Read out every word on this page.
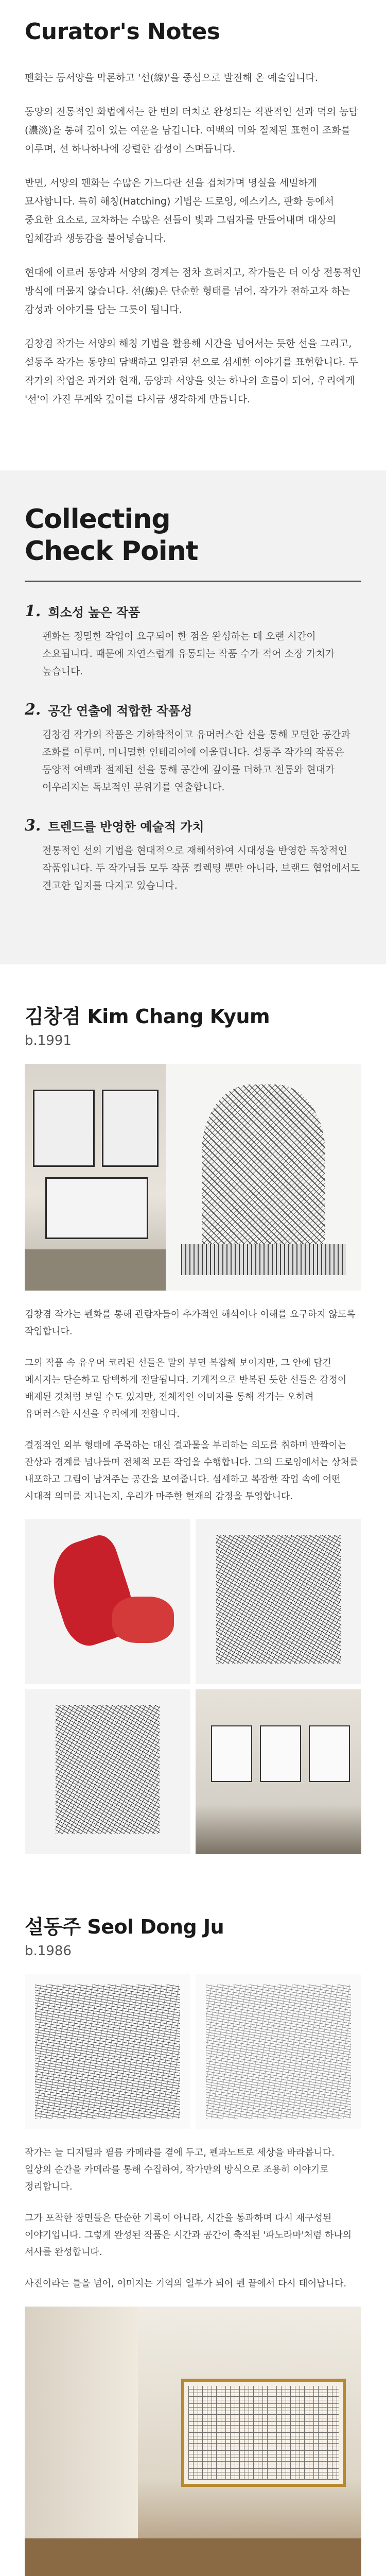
Curator's Notes

펜화는 동서양을 막론하고 '선(線)'을 중심으로 발전해 온 예술입니다.

동양의 전통적인 화법에서는 한 번의 터치로 완성되는 직관적인 선과 먹의 농담(濃淡)을 통해 깊이 있는 여운을 남깁니다. 여백의 미와 절제된 표현이 조화를 이루며, 선 하나하나에 강렬한 감성이 스며듭니다.

반면, 서양의 펜화는 수많은 가느다란 선을 겹쳐가며 명실을 세밀하게 묘사합니다. 특히 해칭(Hatching) 기법은 드로잉, 에스키스, 판화 등에서 중요한 요소로, 교차하는 수많은 선들이 빛과 그림자를 만들어내며 대상의 입체감과 생동감을 불어넣습니다.

현대에 이르러 동양과 서양의 경계는 점차 흐려지고, 작가들은 더 이상 전통적인 방식에 머물지 않습니다. 선(線)은 단순한 형태를 넘어, 작가가 전하고자 하는 감성과 이야기를 담는 그릇이 됩니다.

김창겸 작가는 서양의 해칭 기법을 활용해 시간을 넘어서는 듯한 선을 그리고, 설동주 작가는 동양의 담백하고 일관된 선으로 섬세한 이야기를 표현합니다. 두 작가의 작업은 과거와 현재, 동양과 서양을 잇는 하나의 흐름이 되어, 우리에게 '선'이 가진 무게와 깊이를 다시금 생각하게 만듭니다.

Collecting
Check Point
1. 희소성 높은 작품

펜화는 정밀한 작업이 요구되어 한 점을 완성하는 데 오랜 시간이 소요됩니다. 때문에 자연스럽게 유통되는 작품 수가 적어 소장 가치가 높습니다.

2. 공간 연출에 적합한 작품성

김창겸 작가의 작품은 기하학적이고 유머러스한 선을 통해 모던한 공간과 조화를 이루며, 미니멀한 인테리어에 어울립니다. 설동주 작가의 작품은 동양적 여백과 절제된 선을 통해 공간에 깊이를 더하고 전통와 현대가 어우러지는 독보적인 분위기를 연출합니다.

3. 트렌드를 반영한 예술적 가치

전통적인 선의 기법을 현대적으로 재해석하여 시대성을 반영한 독창적인 작품입니다. 두 작가님들 모두 작품 컬렉팅 뿐만 아니라, 브랜드 협업에서도 견고한 입지를 다지고 있습니다.

김창겸 Kim Chang Kyum
b.1991

김창겸 작가는 펜화를 통해 관람자들이 추가적인 해석이나 이해를 요구하지 않도록 작업합니다.

그의 작품 속 유우머 코리된 선들은 말의 부면 복잡해 보이지만, 그 안에 담긴 메시지는 단순하고 담백하게 전달됩니다. 기계적으로 반복된 듯한 선들은 감정이 배제된 것처럼 보일 수도 있지만, 전체적인 이미지를 통해 작가는 오히려 유머러스한 시선을 우리에게 전합니다.

결정적인 외부 형태에 주목하는 대신 결과물을 부리하는 의도를 취하며 반짝이는 잔상과 경계를 넘나들며 전체적 모든 작업을 수행합니다. 그의 드로잉에서는 상처를 내포하고 그림이 남겨주는 공간을 보여줍니다. 섬세하고 복잡한 작업 속에 어떤 시대적 의미를 지니는지, 우리가 마주한 현재의 감정을 투영합니다.

설동주 Seol Dong Ju
b.1986

작가는 늘 디지털과 필름 카메라를 곁에 두고, 펜과노트로 세상을 바라봅니다. 일상의 순간을 카메라를 통해 수집하여, 작가만의 방식으로 조용히 이야기로 정리합니다.

그가 포착한 장면들은 단순한 기록이 아니라, 시간을 통과하며 다시 재구성된 이야기입니다. 그렇게 완성된 작품은 시간과 공간이 축적된 '파노라마'처럼 하나의 서사를 완성합니다.

사진이라는 틀을 넘어, 이미지는 기억의 일부가 되어 펜 끝에서 다시 태어납니다.
